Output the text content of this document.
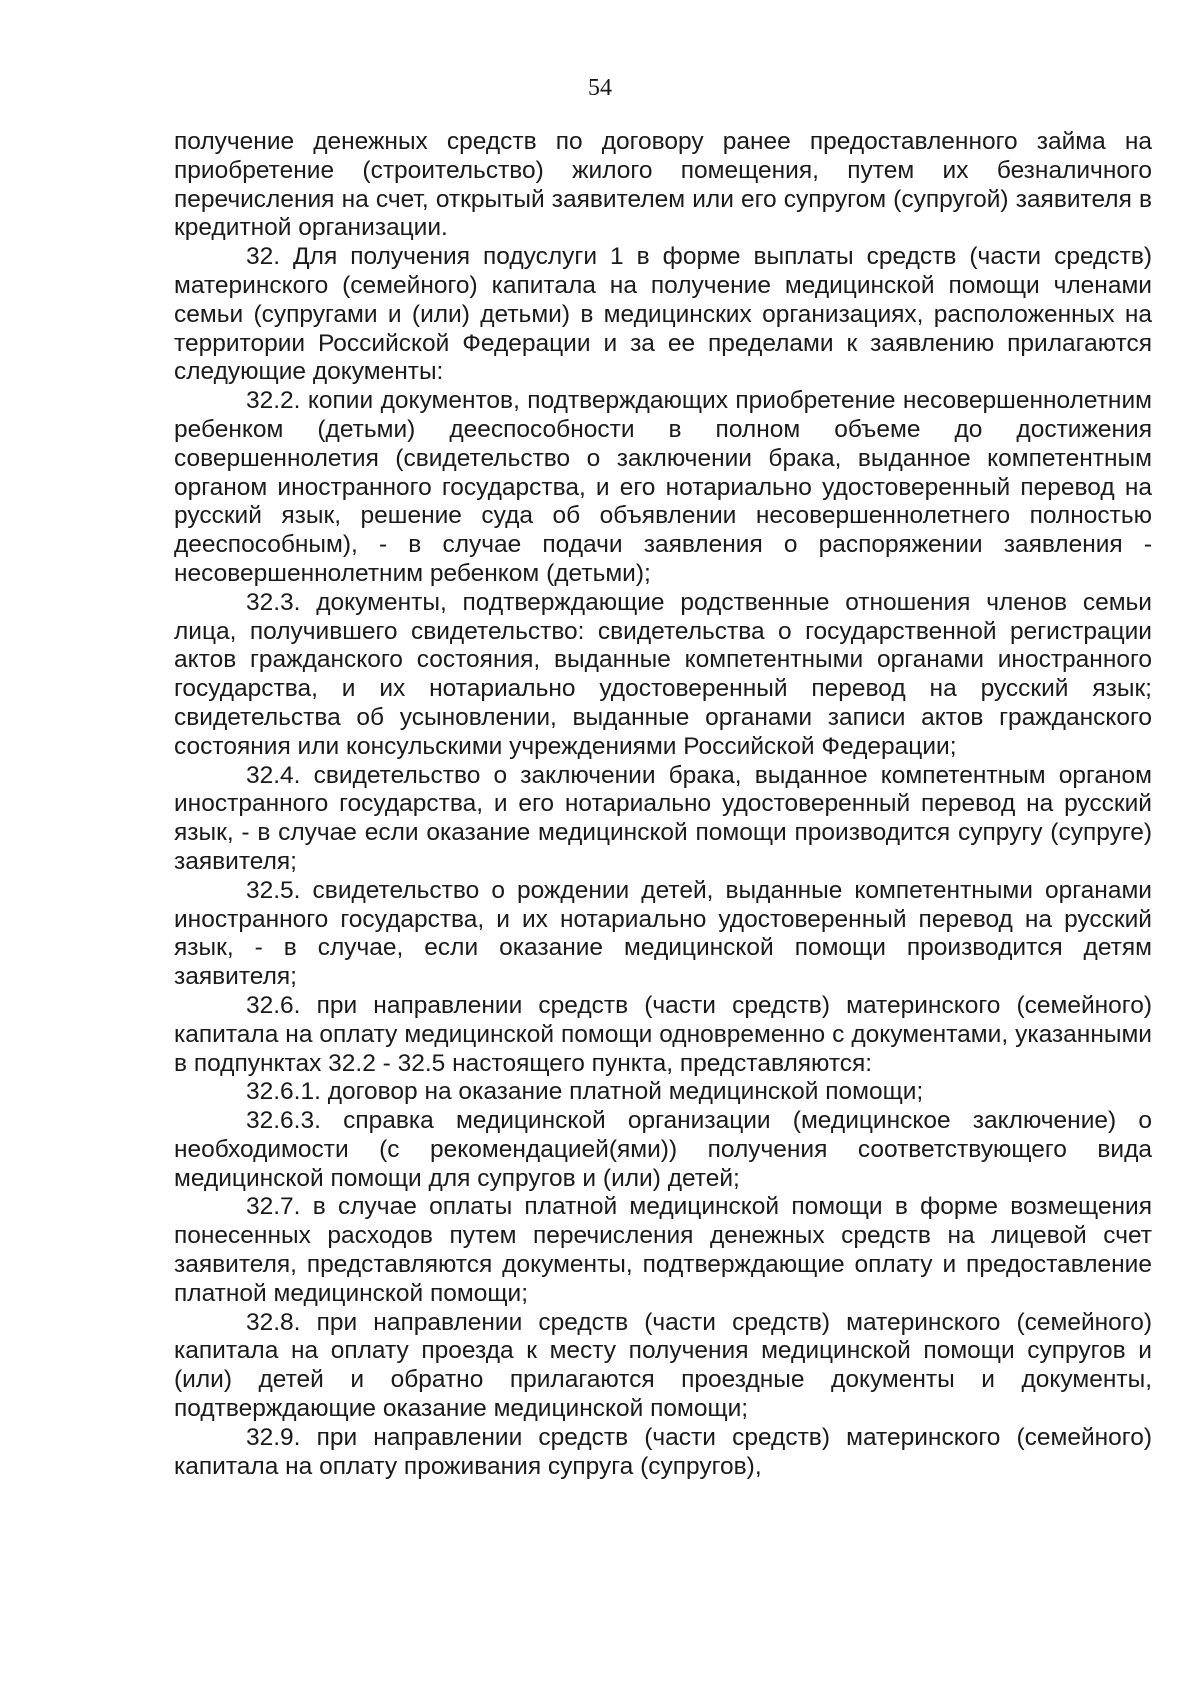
54

получение денежных средств по договору ранее предоставленного займа на приобретение (строительство) жилого помещения, путем их безналичного перечисления на счет, открытый заявителем или его супругом (супругой) заявителя в кредитной организации.

32. Для получения подуслуги 1 в форме выплаты средств (части средств) материнского (семейного) капитала на получение медицинской помощи членами семьи (супругами и (или) детьми) в медицинских организациях, расположенных на территории Российской Федерации и за ее пределами к заявлению прилагаются следующие документы:

32.2. копии документов, подтверждающих приобретение несовершеннолетним ребенком (детьми) дееспособности в полном объеме до достижения совершеннолетия (свидетельство о заключении брака, выданное компетентным органом иностранного государства, и его нотариально удостоверенный перевод на русский язык, решение суда об объявлении несовершеннолетнего полностью дееспособным), - в случае подачи заявления о распоряжении заявления - несовершеннолетним ребенком (детьми);

32.3. документы, подтверждающие родственные отношения членов семьи лица, получившего свидетельство: свидетельства о государственной регистрации актов гражданского состояния, выданные компетентными органами иностранного государства, и их нотариально удостоверенный перевод на русский язык; свидетельства об усыновлении, выданные органами записи актов гражданского состояния или консульскими учреждениями Российской Федерации;

32.4. свидетельство о заключении брака, выданное компетентным органом иностранного государства, и его нотариально удостоверенный перевод на русский язык, - в случае если оказание медицинской помощи производится супругу (супруге) заявителя;

32.5. свидетельство о рождении детей, выданные компетентными органами иностранного государства, и их нотариально удостоверенный перевод на русский язык, - в случае, если оказание медицинской помощи производится детям заявителя;

32.6. при направлении средств (части средств) материнского (семейного) капитала на оплату медицинской помощи одновременно с документами, указанными в подпунктах 32.2 - 32.5 настоящего пункта, представляются:

32.6.1. договор на оказание платной медицинской помощи;

32.6.3. справка медицинской организации (медицинское заключение) о необходимости (с рекомендацией(ями)) получения соответствующего вида медицинской помощи для супругов и (или) детей;

32.7. в случае оплаты платной медицинской помощи в форме возмещения понесенных расходов путем перечисления денежных средств на лицевой счет заявителя, представляются документы, подтверждающие оплату и предоставление платной медицинской помощи;

32.8. при направлении средств (части средств) материнского (семейного) капитала на оплату проезда к месту получения медицинской помощи супругов и (или) детей и обратно прилагаются проездные документы и документы, подтверждающие оказание медицинской помощи;

32.9. при направлении средств (части средств) материнского (семейного) капитала на оплату проживания супруга (супругов),
